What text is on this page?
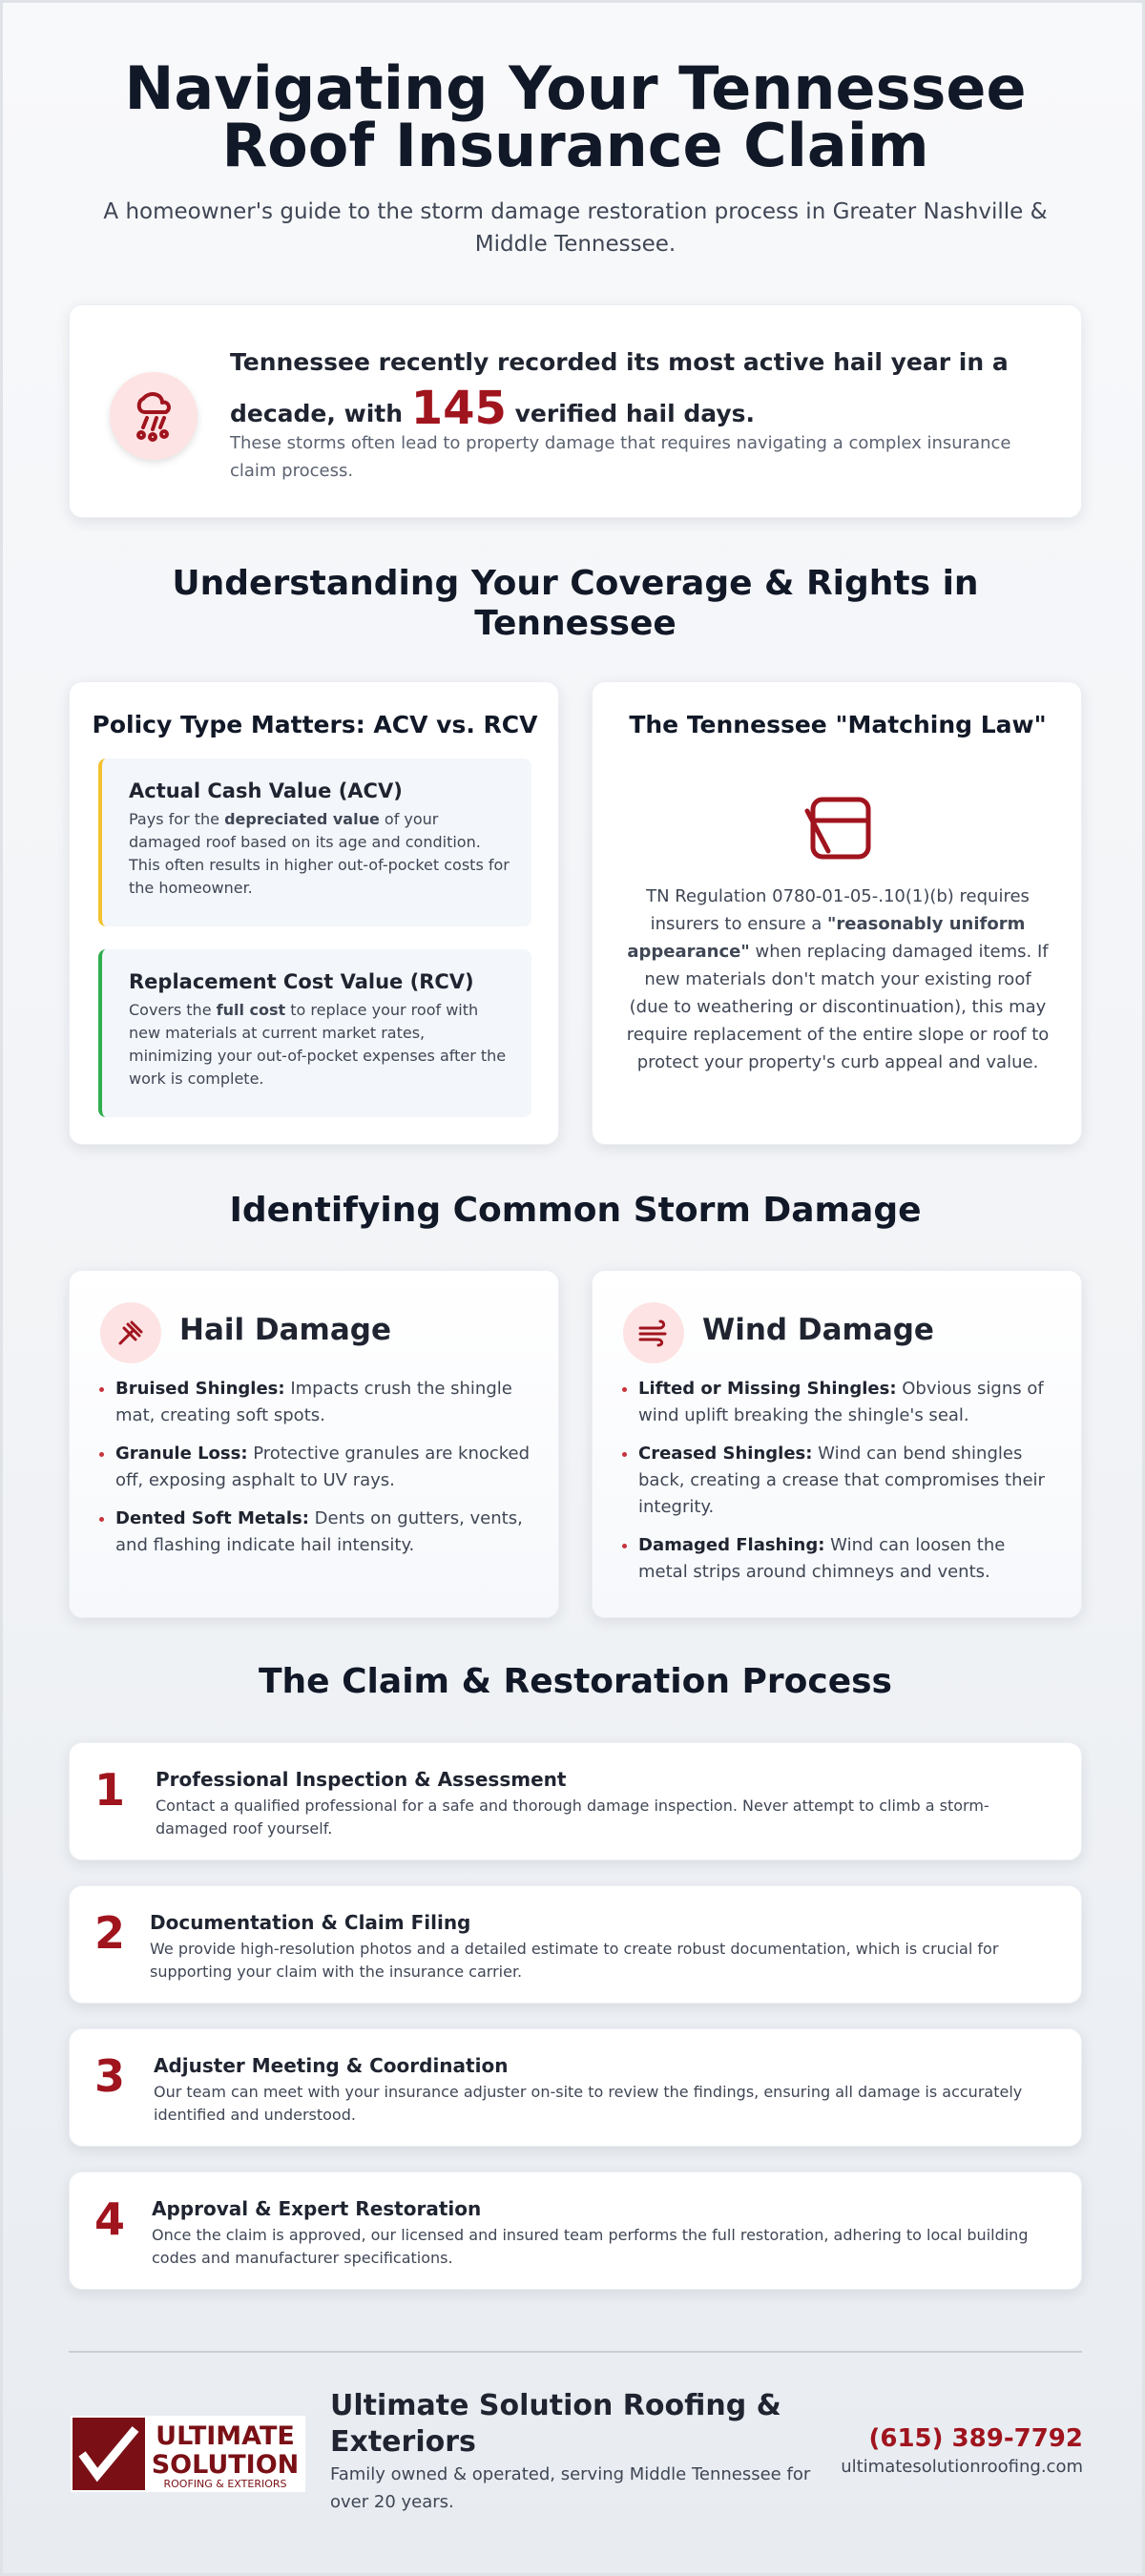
Navigating Your Tennessee Roof Insurance Claim

A homeowner's guide to the storm damage restoration process in Greater Nashville & Middle Tennessee.

Tennessee recently recorded its most active hail year in a decade, with 145 verified hail days.

These storms often lead to property damage that requires navigating a complex insurance claim process.

Understanding Your Coverage & Rights in Tennessee
Policy Type Matters: ACV vs. RCV
Actual Cash Value (ACV)

Pays for the depreciated value of your damaged roof based on its age and condition. This often results in higher out-of-pocket costs for the homeowner.

Replacement Cost Value (RCV)

Covers the full cost to replace your roof with new materials at current market rates, minimizing your out-of-pocket expenses after the work is complete.

The Tennessee "Matching Law"

TN Regulation 0780-01-05-.10(1)(b) requires insurers to ensure a "reasonably uniform appearance" when replacing damaged items. If new materials don't match your existing roof (due to weathering or discontinuation), this may require replacement of the entire slope or roof to protect your property's curb appeal and value.

Identifying Common Storm Damage
Hail Damage
Bruised Shingles: Impacts crush the shingle mat, creating soft spots.
Granule Loss: Protective granules are knocked off, exposing asphalt to UV rays.
Dented Soft Metals: Dents on gutters, vents, and flashing indicate hail intensity.
Wind Damage
Lifted or Missing Shingles: Obvious signs of wind uplift breaking the shingle's seal.
Creased Shingles: Wind can bend shingles back, creating a crease that compromises their integrity.
Damaged Flashing: Wind can loosen the metal strips around chimneys and vents.
The Claim & Restoration Process
1 Professional Inspection & Assessment

Contact a qualified professional for a safe and thorough damage inspection. Never attempt to climb a storm-damaged roof yourself.

2 Documentation & Claim Filing

We provide high-resolution photos and a detailed estimate to create robust documentation, which is crucial for supporting your claim with the insurance carrier.

3 Adjuster Meeting & Coordination

Our team can meet with your insurance adjuster on-site to review the findings, ensuring all damage is accurately identified and understood.

4 Approval & Expert Restoration

Once the claim is approved, our licensed and insured team performs the full restoration, adhering to local building codes and manufacturer specifications.

ULTIMATE
SOLUTION
ROOFING & EXTERIORS
Ultimate Solution Roofing & Exteriors

Family owned & operated, serving Middle Tennessee for over 20 years.

(615) 389-7792
ultimatesolutionroofing.com
